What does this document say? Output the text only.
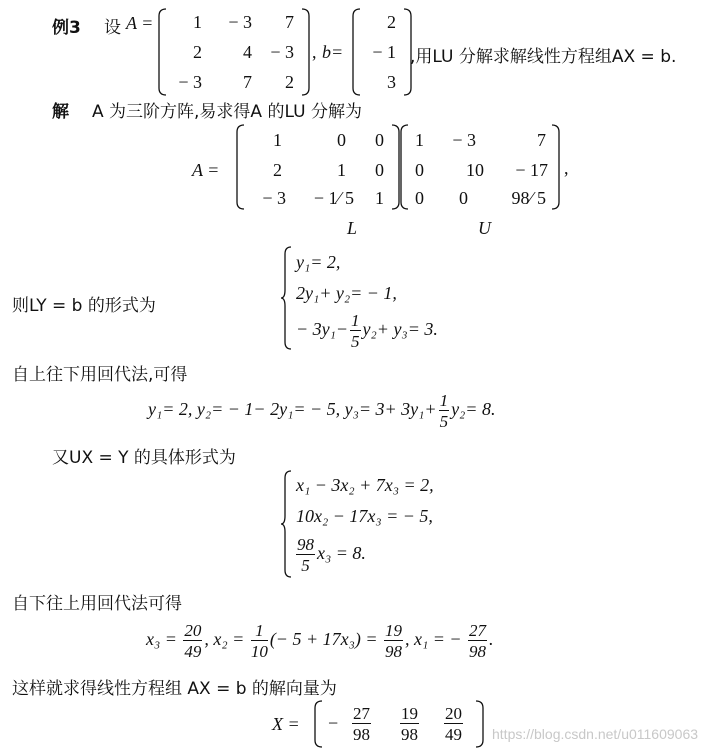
例3 设 A =	1	− 3	7
2	4	− 3
− 3	7	2
, b=
2
− 1
3
,用LU 分解求解线性方程组AX = b.
解 A 为三阶方阵,易求得A 的LU 分解为
A =
1	0	0
2	1	0
− 3	− 1⁄ 5	1
1	− 3	7
0	10	− 17
0	0	98⁄ 5
,
L	U
则LY = b 的形式为
y₁= 2,
2y₁+ y₂= − 1,
− $3y_1- \frac{1}{5} y_2+ y_3= 3$.
自上往下用回代法,可得
y₁= 2, y₂= − 1− 2y₁= − 5, $y_3= 3+ 3y_1+ \frac{1}{5} y_2= 8$.
又UX = Y 的具体形式为
x₁ − 3x₂ + 7x₃ = 2,
10x₂ − 17x₃ = − 5,
$\frac{98}{5} x_3 = 8$.
自下往上用回代法可得
$x_3 = \frac{20}{49}$ , $x_2 = \frac{1}{10}$ (− $5 + 17x_3) = \frac{19}{98}$ , x₁ = − $\frac{27}{98}$ .
这样就求得线性方程组 AX = b 的解向量为
X = − $\frac{27}{98} \frac{19}{98} \frac{20}{49}$ https://blog.csdn.net/u011609063
